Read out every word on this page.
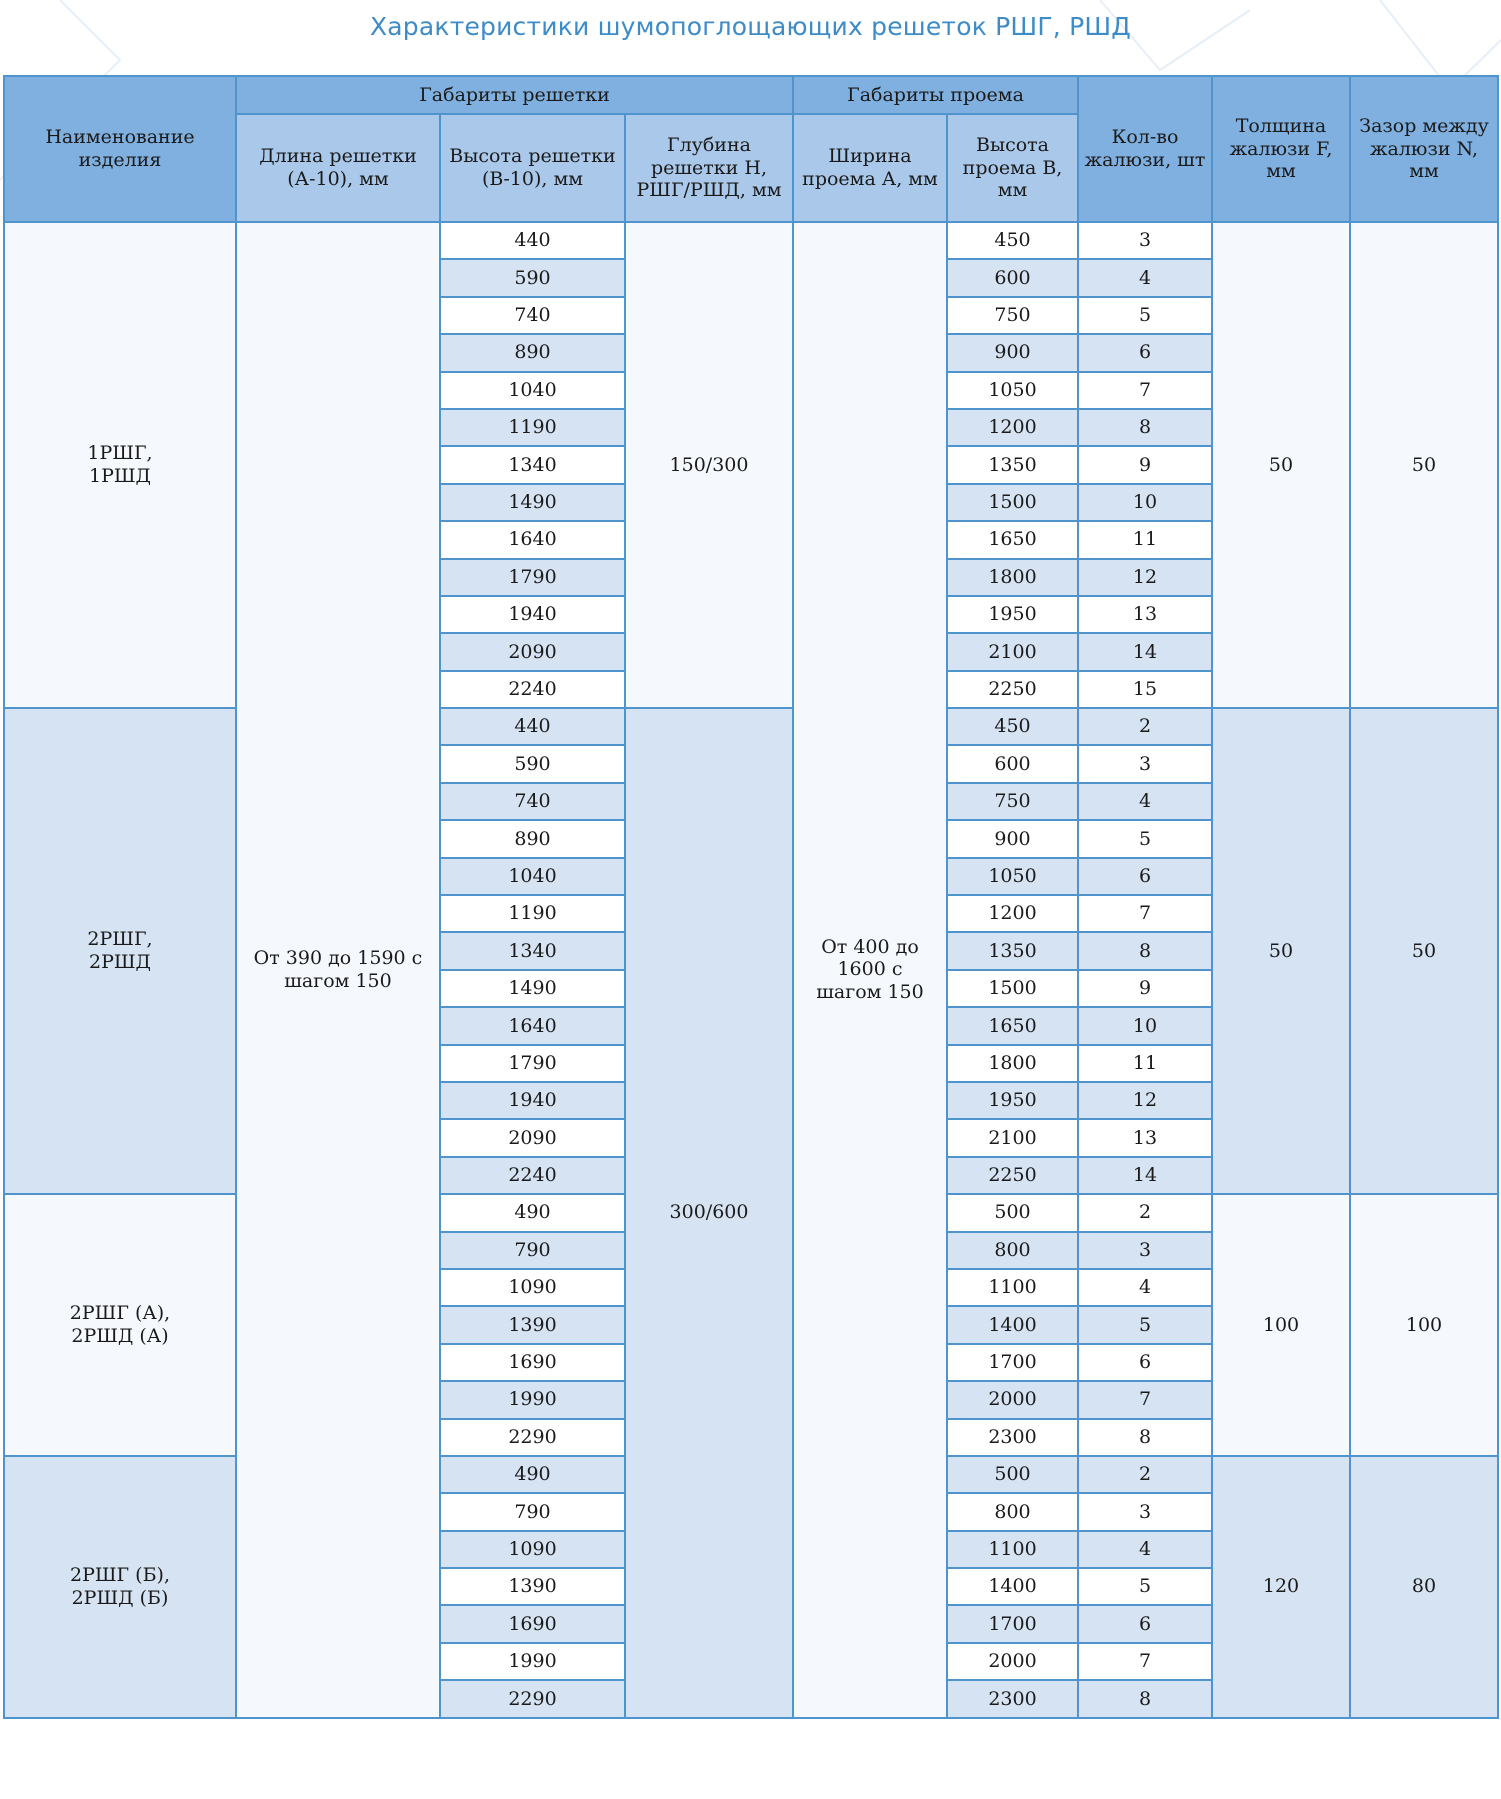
Характеристики шумопоглощающих решеток РШГ, РШД
Наименование изделия	Габариты решетки			Габариты проема		Кол-во жалюзи, шт	Толщина жалюзи F, мм	Зазор между жалюзи N, мм
	Длина решетки (А-10), мм	Высота решетки (В-10), мм	Глубина решетки Н, РШГ/РШД, мм	Ширина проема А, мм	Высота проема В, мм			
1РШГ,
1РШД	От 390 до 1590 с шагом 150	440	150/300	От 400 до 1600 с шагом 150	450	3	50	50
		590			600	4		
		740			750	5		
		890			900	6		
		1040			1050	7		
		1190			1200	8		
		1340			1350	9		
		1490			1500	10		
		1640			1650	11		
		1790			1800	12		
		1940			1950	13		
		2090			2100	14		
		2240			2250	15		
2РШГ,
2РШД		440	300/600		450	2	50	50
		590			600	3		
		740			750	4		
		890			900	5		
		1040			1050	6		
		1190			1200	7		
		1340			1350	8		
		1490			1500	9		
		1640			1650	10		
		1790			1800	11		
		1940			1950	12		
		2090			2100	13		
		2240			2250	14		
2РШГ (А),
2РШД (А)		490			500	2	100	100
		790			800	3		
		1090			1100	4		
		1390			1400	5		
		1690			1700	6		
		1990			2000	7		
		2290			2300	8		
2РШГ (Б),
2РШД (Б)		490			500	2	120	80
		790			800	3		
		1090			1100	4		
		1390			1400	5		
		1690			1700	6		
		1990			2000	7		
		2290			2300	8		
